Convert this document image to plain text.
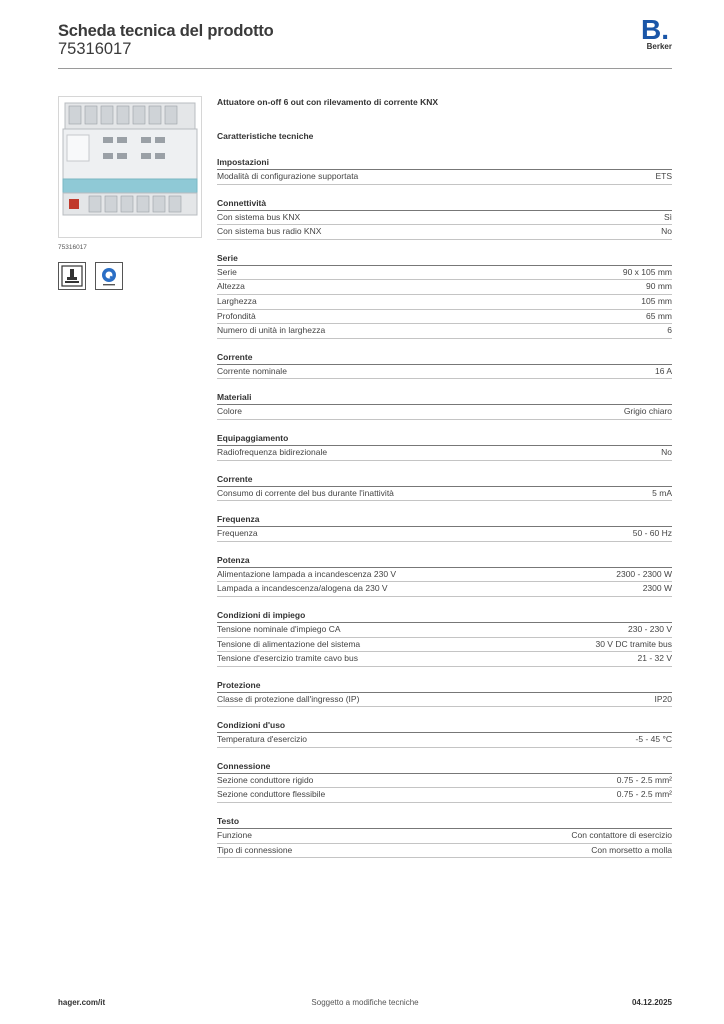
Scheda tecnica del prodotto
75316017
B.
Berker
75316017
Attuatore on-off 6 out con rilevamento di corrente KNX
Caratteristiche tecniche
Impostazioni
Modalità di configurazione supportata	ETS
Connettività
Con sistema bus KNX	Sì
Con sistema bus radio KNX	No
Serie
Serie	90 x 105 mm
Altezza	90 mm
Larghezza	105 mm
Profondità	65 mm
Numero di unità in larghezza	6
Corrente
Corrente nominale	16 A
Materiali
Colore	Grigio chiaro
Equipaggiamento
Radiofrequenza bidirezionale	No
Corrente
Consumo di corrente del bus durante l'inattività	5 mA
Frequenza
Frequenza	50 - 60 Hz
Potenza
Alimentazione lampada a incandescenza 230 V	2300 - 2300 W
Lampada a incandescenza/alogena da 230 V	2300 W
Condizioni di impiego
Tensione nominale d'impiego CA	230 - 230 V
Tensione di alimentazione del sistema	30 V DC tramite bus
Tensione d'esercizio tramite cavo bus	21 - 32 V
Protezione
Classe di protezione dall'ingresso (IP)	IP20
Condizioni d'uso
Temperatura d'esercizio	-5 - 45 °C
Connessione
Sezione conduttore rigido	0.75 - 2.5 mm²
Sezione conduttore flessibile	0.75 - 2.5 mm²
Testo
Funzione	Con contattore di esercizio
Tipo di connessione	Con morsetto a molla
hager.com/it	Soggetto a modifiche tecniche	04.12.2025
